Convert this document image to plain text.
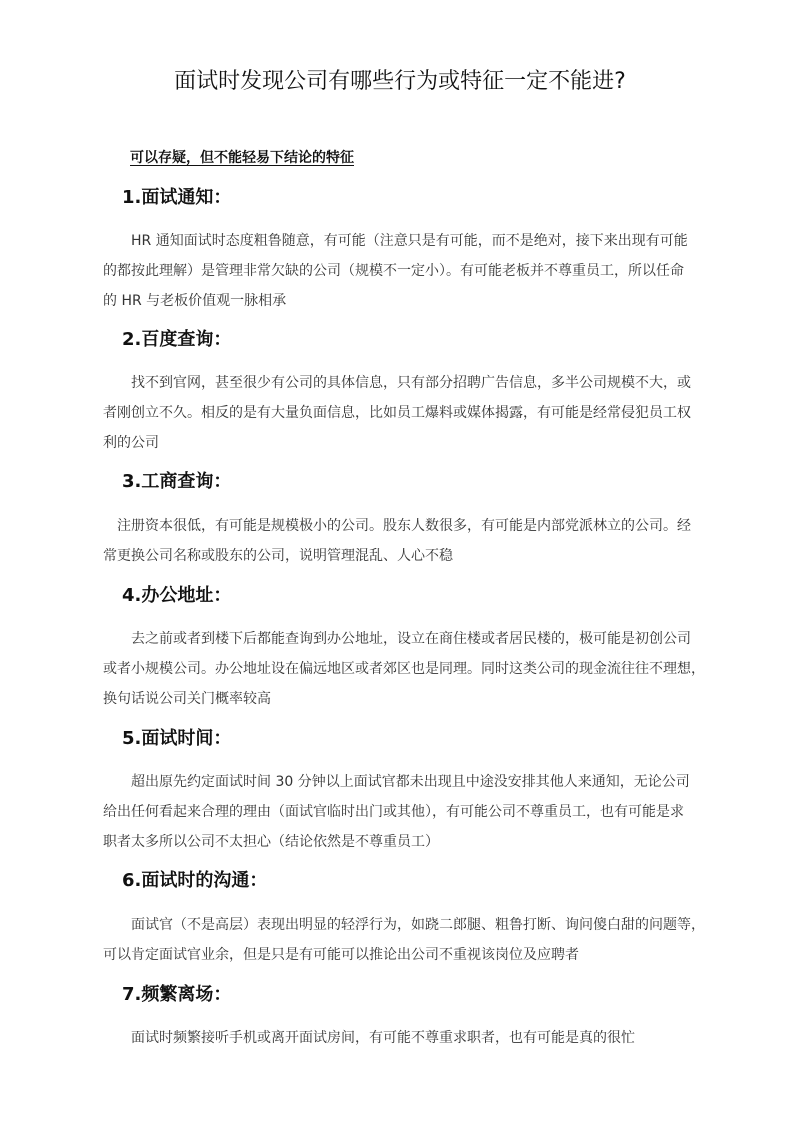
面试时发现公司有哪些行为或特征一定不能进?
可以存疑，但不能轻易下结论的特征
1.面试通知：

HR 通知面试时态度粗鲁随意，有可能（注意只是有可能，而不是绝对，接下来出现有可能
的都按此理解）是管理非常欠缺的公司（规模不一定小）。有可能老板并不尊重员工，所以任命
的 HR 与老板价值观一脉相承

2.百度查询：

找不到官网，甚至很少有公司的具体信息，只有部分招聘广告信息，多半公司规模不大，或
者刚创立不久。相反的是有大量负面信息，比如员工爆料或媒体揭露，有可能是经常侵犯员工权
利的公司

3.工商查询：

注册资本很低，有可能是规模极小的公司。股东人数很多，有可能是内部党派林立的公司。经
常更换公司名称或股东的公司，说明管理混乱、人心不稳

4.办公地址：

去之前或者到楼下后都能查询到办公地址，设立在商住楼或者居民楼的，极可能是初创公司
或者小规模公司。办公地址设在偏远地区或者郊区也是同理。同时这类公司的现金流往往不理想，
换句话说公司关门概率较高

5.面试时间：

超出原先约定面试时间 30 分钟以上面试官都未出现且中途没安排其他人来通知，无论公司
给出任何看起来合理的理由（面试官临时出门或其他），有可能公司不尊重员工，也有可能是求
职者太多所以公司不太担心（结论依然是不尊重员工）

6.面试时的沟通：

面试官（不是高层）表现出明显的轻浮行为，如跷二郎腿、粗鲁打断、询问傻白甜的问题等，
可以肯定面试官业余，但是只是有可能可以推论出公司不重视该岗位及应聘者

7.频繁离场：

面试时频繁接听手机或离开面试房间，有可能不尊重求职者，也有可能是真的很忙
